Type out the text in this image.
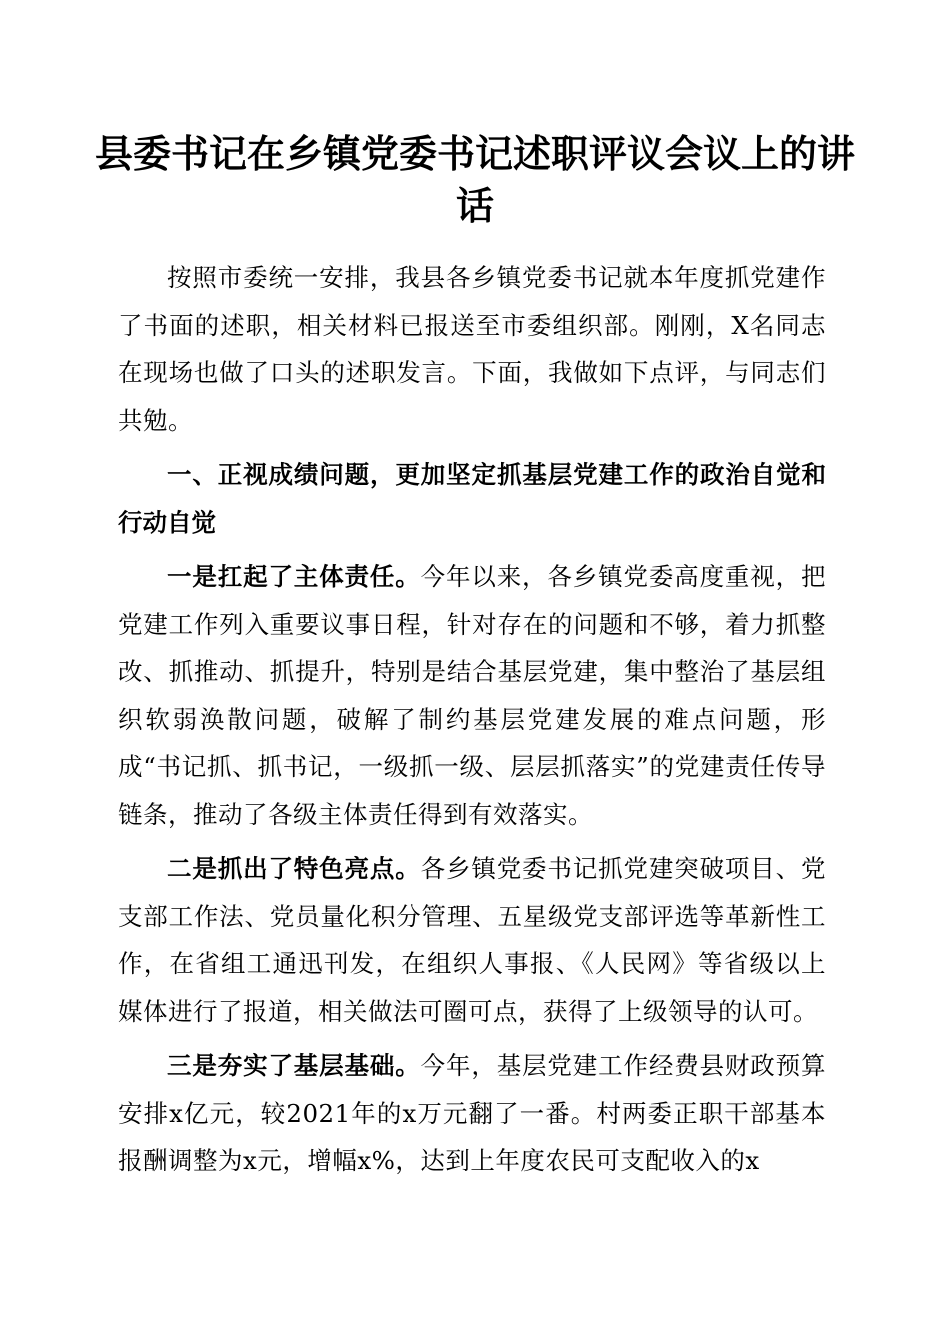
县委书记在乡镇党委书记述职评议会议上的讲话

按照市委统一安排，我县各乡镇党委书记就本年度抓党建作了书面的述职，相关材料已报送至市委组织部。刚刚，X名同志在现场也做了口头的述职发言。下面，我做如下点评，与同志们共勉。

一、正视成绩问题，更加坚定抓基层党建工作的政治自觉和行动自觉

一是扛起了主体责任。今年以来，各乡镇党委高度重视，把党建工作列入重要议事日程，针对存在的问题和不够，着力抓整改、抓推动、抓提升，特别是结合基层党建，集中整治了基层组织软弱涣散问题，破解了制约基层党建发展的难点问题，形成“书记抓、抓书记，一级抓一级、层层抓落实”的党建责任传导链条，推动了各级主体责任得到有效落实。

二是抓出了特色亮点。各乡镇党委书记抓党建突破项目、党支部工作法、党员量化积分管理、五星级党支部评选等革新性工作，在省组工通迅刊发，在组织人事报、《人民网》等省级以上媒体进行了报道，相关做法可圈可点，获得了上级领导的认可。

三是夯实了基层基础。今年，基层党建工作经费县财政预算安排x亿元，较2021年的x万元翻了一番。村两委正职干部基本报酬调整为x元，增幅x%，达到上年度农民可支配收入的x
